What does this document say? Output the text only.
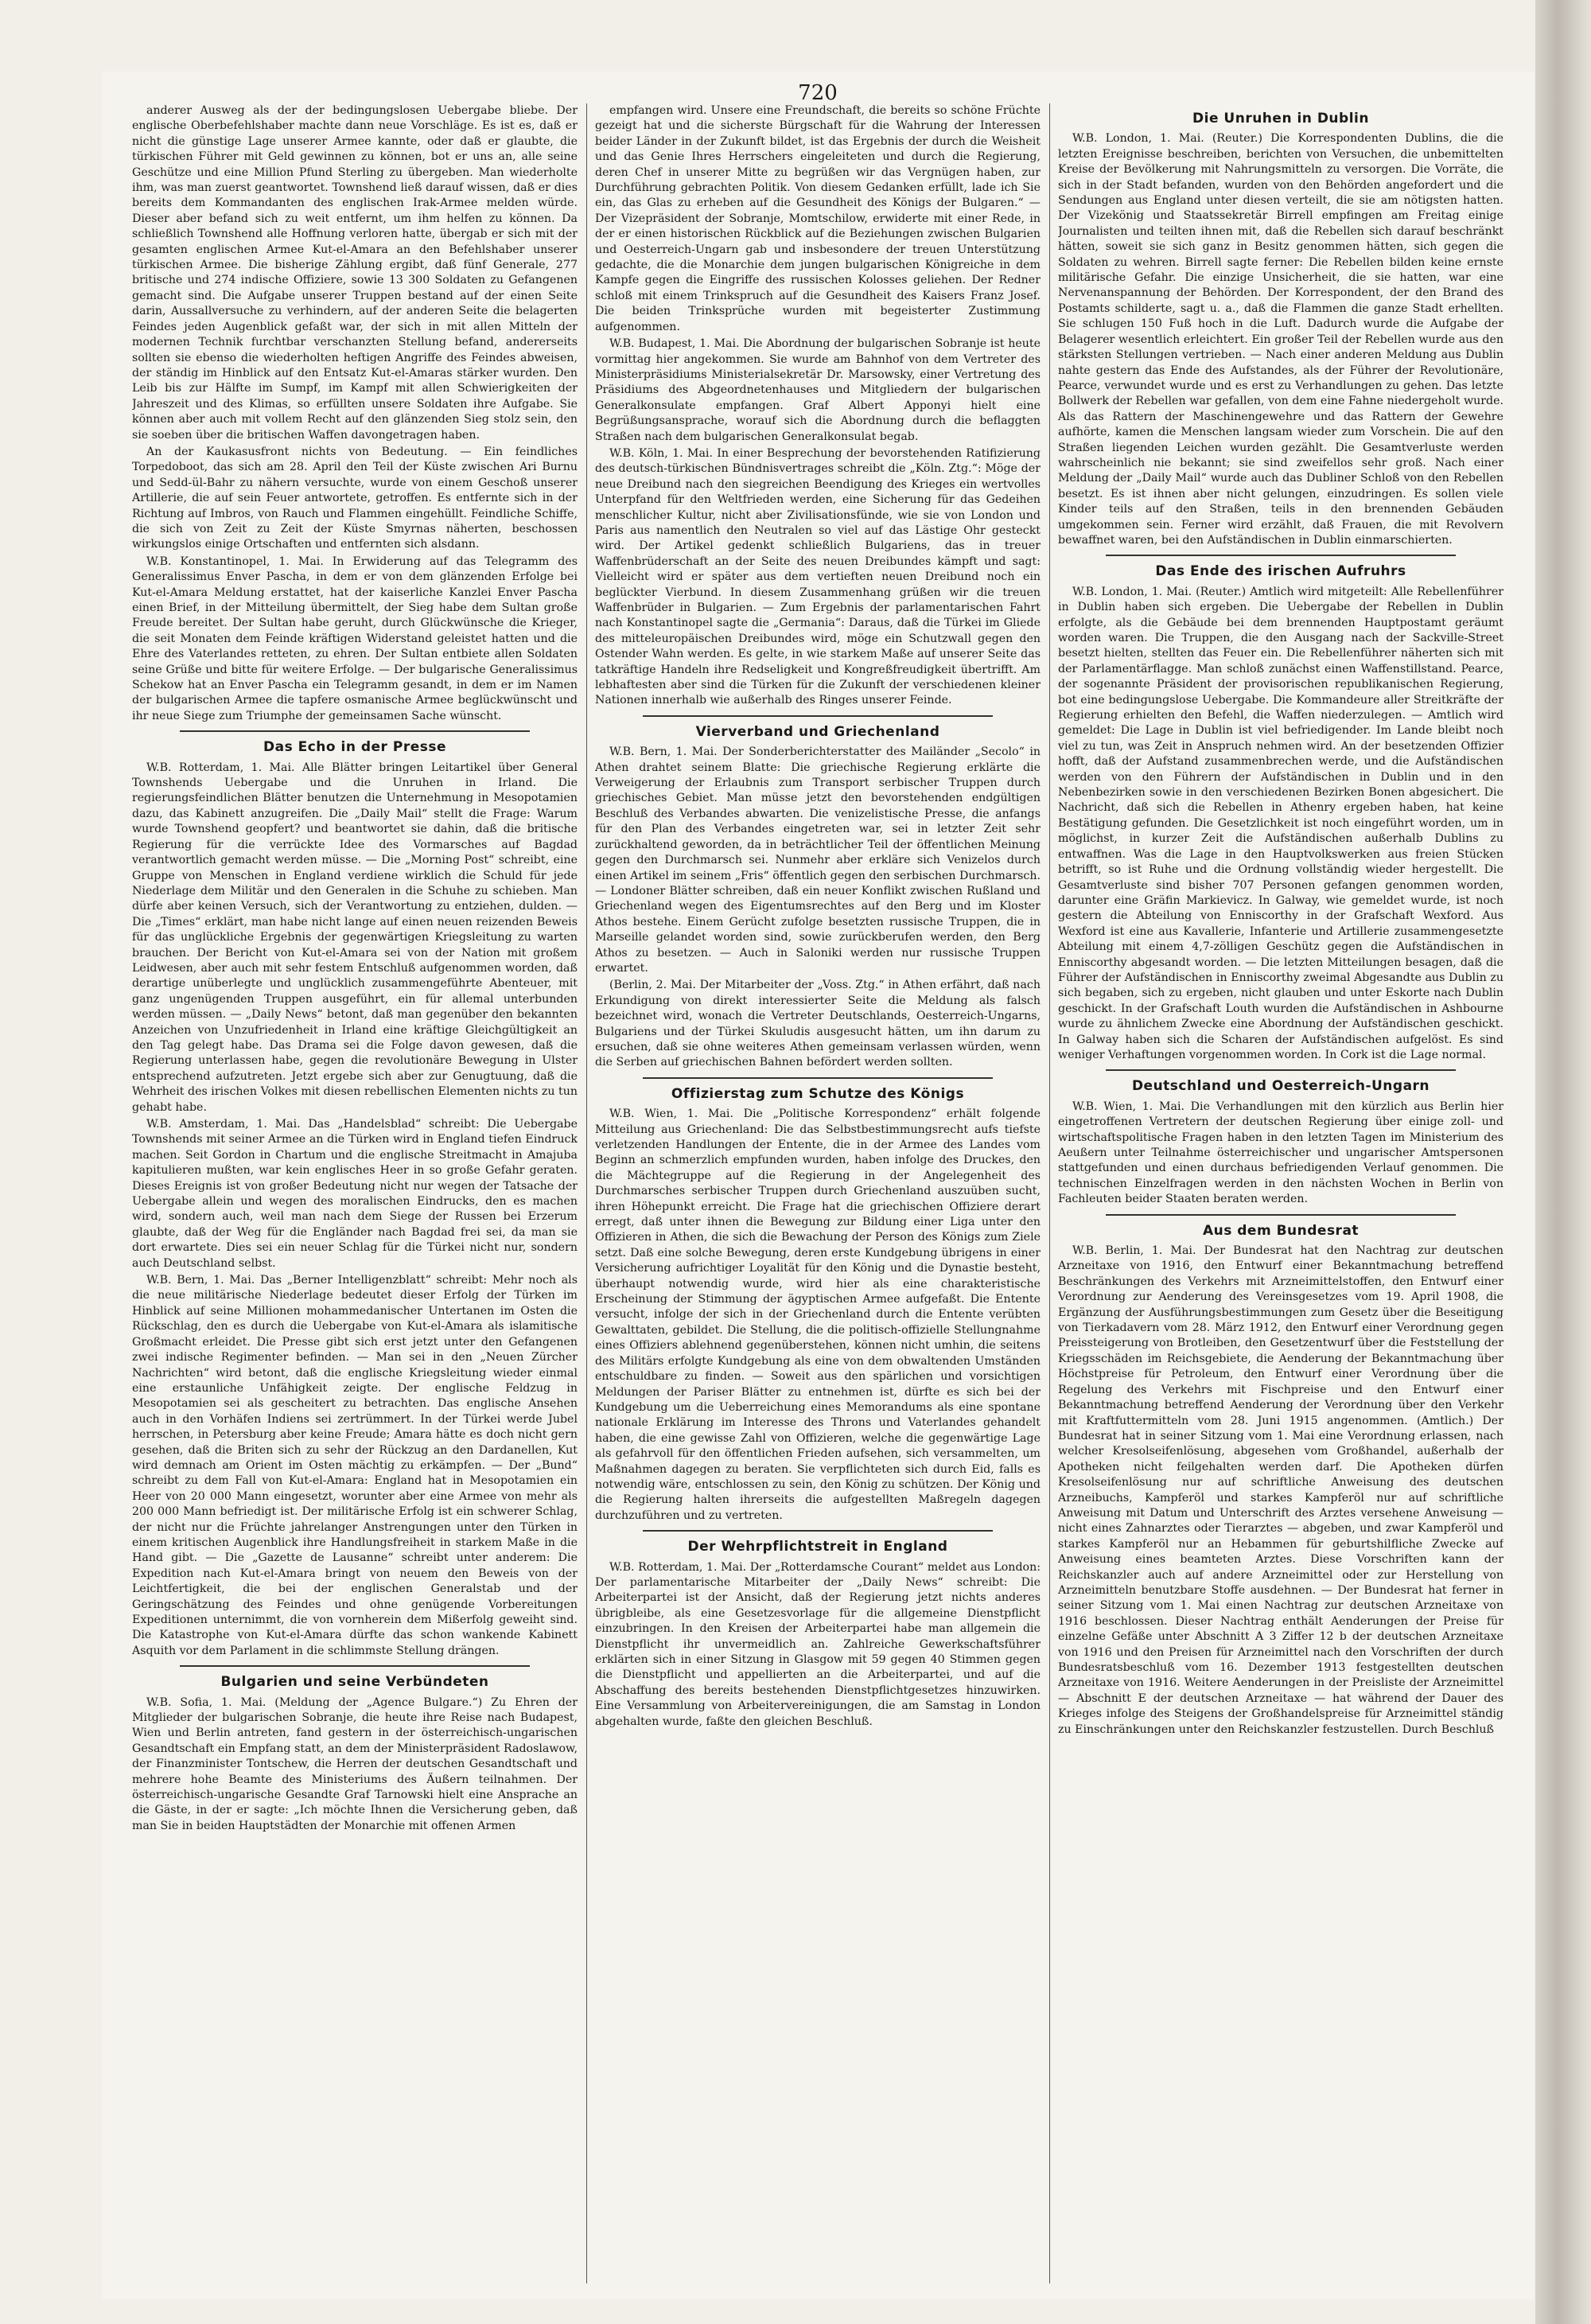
720

anderer Ausweg als der der bedingungslosen Uebergabe bliebe. Der englische Oberbefehlshaber machte dann neue Vorschläge. Es ist es, daß er nicht die günstige Lage unserer Armee kannte, oder daß er glaubte, die türkischen Führer mit Geld gewinnen zu können, bot er uns an, alle seine Geschütze und eine Million Pfund Sterling zu übergeben. Man wiederholte ihm, was man zuerst geantwortet. Townshend ließ darauf wissen, daß er dies bereits dem Kommandanten des englischen Irak-Armee melden würde. Dieser aber befand sich zu weit entfernt, um ihm helfen zu können. Da schließlich Townshend alle Hoffnung verloren hatte, übergab er sich mit der gesamten englischen Armee Kut-el-Amara an den Befehlshaber unserer türkischen Armee. Die bisherige Zählung ergibt, daß fünf Generale, 277 britische und 274 indische Offiziere, sowie 13 300 Soldaten zu Gefangenen gemacht sind. Die Aufgabe unserer Truppen bestand auf der einen Seite darin, Aussallversuche zu verhindern, auf der anderen Seite die belagerten Feindes jeden Augenblick gefaßt war, der sich in mit allen Mitteln der modernen Technik furchtbar verschanzten Stellung befand, andererseits sollten sie ebenso die wiederholten heftigen Angriffe des Feindes abweisen, der ständig im Hinblick auf den Entsatz Kut-el-Amaras stärker wurden. Den Leib bis zur Hälfte im Sumpf, im Kampf mit allen Schwierigkeiten der Jahreszeit und des Klimas, so erfüllten unsere Soldaten ihre Aufgabe. Sie können aber auch mit vollem Recht auf den glänzenden Sieg stolz sein, den sie soeben über die britischen Waffen davongetragen haben.

An der Kaukasusfront nichts von Bedeutung. — Ein feindliches Torpedoboot, das sich am 28. April den Teil der Küste zwischen Ari Burnu und Sedd-ül-Bahr zu nähern versuchte, wurde von einem Geschoß unserer Artillerie, die auf sein Feuer antwortete, getroffen. Es entfernte sich in der Richtung auf Imbros, von Rauch und Flammen eingehüllt. Feindliche Schiffe, die sich von Zeit zu Zeit der Küste Smyrnas näherten, beschossen wirkungslos einige Ortschaften und entfernten sich alsdann.

W.B. Konstantinopel, 1. Mai. In Erwiderung auf das Telegramm des Generalissimus Enver Pascha, in dem er von dem glänzenden Erfolge bei Kut-el-Amara Meldung erstattet, hat der kaiserliche Kanzlei Enver Pascha einen Brief, in der Mitteilung übermittelt, der Sieg habe dem Sultan große Freude bereitet. Der Sultan habe geruht, durch Glückwünsche die Krieger, die seit Monaten dem Feinde kräftigen Widerstand geleistet hatten und die Ehre des Vaterlandes retteten, zu ehren. Der Sultan entbiete allen Soldaten seine Grüße und bitte für weitere Erfolge. — Der bulgarische Generalissimus Schekow hat an Enver Pascha ein Telegramm gesandt, in dem er im Namen der bulgarischen Armee die tapfere osmanische Armee beglückwünscht und ihr neue Siege zum Triumphe der gemeinsamen Sache wünscht.

Das Echo in der Presse

W.B. Rotterdam, 1. Mai. Alle Blätter bringen Leitartikel über General Townshends Uebergabe und die Unruhen in Irland. Die regierungsfeindlichen Blätter benutzen die Unternehmung in Mesopotamien dazu, das Kabinett anzugreifen. Die „Daily Mail“ stellt die Frage: Warum wurde Townshend geopfert? und beantwortet sie dahin, daß die britische Regierung für die verrückte Idee des Vormarsches auf Bagdad verantwortlich gemacht werden müsse. — Die „Morning Post“ schreibt, eine Gruppe von Menschen in England verdiene wirklich die Schuld für jede Niederlage dem Militär und den Generalen in die Schuhe zu schieben. Man dürfe aber keinen Versuch, sich der Verantwortung zu entziehen, dulden. — Die „Times“ erklärt, man habe nicht lange auf einen neuen reizenden Beweis für das unglückliche Ergebnis der gegenwärtigen Kriegsleitung zu warten brauchen. Der Bericht von Kut-el-Amara sei von der Nation mit großem Leidwesen, aber auch mit sehr festem Entschluß aufgenommen worden, daß derartige unüberlegte und unglücklich zusammengeführte Abenteuer, mit ganz ungenügenden Truppen ausgeführt, ein für allemal unterbunden werden müssen. — „Daily News“ betont, daß man gegenüber den bekannten Anzeichen von Unzufriedenheit in Irland eine kräftige Gleichgültigkeit an den Tag gelegt habe. Das Drama sei die Folge davon gewesen, daß die Regierung unterlassen habe, gegen die revolutionäre Bewegung in Ulster entsprechend aufzutreten. Jetzt ergebe sich aber zur Genugtuung, daß die Wehrheit des irischen Volkes mit diesen rebellischen Elementen nichts zu tun gehabt habe.

W.B. Amsterdam, 1. Mai. Das „Handelsblad“ schreibt: Die Uebergabe Townshends mit seiner Armee an die Türken wird in England tiefen Eindruck machen. Seit Gordon in Chartum und die englische Streitmacht in Amajuba kapitulieren mußten, war kein englisches Heer in so große Gefahr geraten. Dieses Ereignis ist von großer Bedeutung nicht nur wegen der Tatsache der Uebergabe allein und wegen des moralischen Eindrucks, den es machen wird, sondern auch, weil man nach dem Siege der Russen bei Erzerum glaubte, daß der Weg für die Engländer nach Bagdad frei sei, da man sie dort erwartete. Dies sei ein neuer Schlag für die Türkei nicht nur, sondern auch Deutschland selbst.

W.B. Bern, 1. Mai. Das „Berner Intelligenzblatt“ schreibt: Mehr noch als die neue militärische Niederlage bedeutet dieser Erfolg der Türken im Hinblick auf seine Millionen mohammedanischer Untertanen im Osten die Rückschlag, den es durch die Uebergabe von Kut-el-Amara als islamitische Großmacht erleidet. Die Presse gibt sich erst jetzt unter den Gefangenen zwei indische Regimenter befinden. — Man sei in den „Neuen Zürcher Nachrichten“ wird betont, daß die englische Kriegsleitung wieder einmal eine erstaunliche Unfähigkeit zeigte. Der englische Feldzug in Mesopotamien sei als gescheitert zu betrachten. Das englische Ansehen auch in den Vorhäfen Indiens sei zertrümmert. In der Türkei werde Jubel herrschen, in Petersburg aber keine Freude; Amara hätte es doch nicht gern gesehen, daß die Briten sich zu sehr der Rückzug an den Dardanellen, Kut wird demnach am Orient im Osten mächtig zu erkämpfen. — Der „Bund“ schreibt zu dem Fall von Kut-el-Amara: England hat in Mesopotamien ein Heer von 20 000 Mann eingesetzt, worunter aber eine Armee von mehr als 200 000 Mann befriedigt ist. Der militärische Erfolg ist ein schwerer Schlag, der nicht nur die Früchte jahrelanger Anstrengungen unter den Türken in einem kritischen Augenblick ihre Handlungsfreiheit in starkem Maße in die Hand gibt. — Die „Gazette de Lausanne“ schreibt unter anderem: Die Expedition nach Kut-el-Amara bringt von neuem den Beweis von der Leichtfertigkeit, die bei der englischen Generalstab und der Geringschätzung des Feindes und ohne genügende Vorbereitungen Expeditionen unternimmt, die von vornherein dem Mißerfolg geweiht sind. Die Katastrophe von Kut-el-Amara dürfte das schon wankende Kabinett Asquith vor dem Parlament in die schlimmste Stellung drängen.

Bulgarien und seine Verbündeten

W.B. Sofia, 1. Mai. (Meldung der „Agence Bulgare.“) Zu Ehren der Mitglieder der bulgarischen Sobranje, die heute ihre Reise nach Budapest, Wien und Berlin antreten, fand gestern in der österreichisch-ungarischen Gesandtschaft ein Empfang statt, an dem der Ministerpräsident Radoslawow, der Finanzminister Tontschew, die Herren der deutschen Gesandtschaft und mehrere hohe Beamte des Ministeriums des Äußern teilnahmen. Der österreichisch-ungarische Gesandte Graf Tarnowski hielt eine Ansprache an die Gäste, in der er sagte: „Ich möchte Ihnen die Versicherung geben, daß man Sie in beiden Hauptstädten der Monarchie mit offenen Armen

empfangen wird. Unsere eine Freundschaft, die bereits so schöne Früchte gezeigt hat und die sicherste Bürgschaft für die Wahrung der Interessen beider Länder in der Zukunft bildet, ist das Ergebnis der durch die Weisheit und das Genie Ihres Herrschers eingeleiteten und durch die Regierung, deren Chef in unserer Mitte zu begrüßen wir das Vergnügen haben, zur Durchführung gebrachten Politik. Von diesem Gedanken erfüllt, lade ich Sie ein, das Glas zu erheben auf die Gesundheit des Königs der Bulgaren.“ — Der Vizepräsident der Sobranje, Momtschilow, erwiderte mit einer Rede, in der er einen historischen Rückblick auf die Beziehungen zwischen Bulgarien und Oesterreich-Ungarn gab und insbesondere der treuen Unterstützung gedachte, die die Monarchie dem jungen bulgarischen Königreiche in dem Kampfe gegen die Eingriffe des russischen Kolosses geliehen. Der Redner schloß mit einem Trinkspruch auf die Gesundheit des Kaisers Franz Josef. Die beiden Trinksprüche wurden mit begeisterter Zustimmung aufgenommen.

W.B. Budapest, 1. Mai. Die Abordnung der bulgarischen Sobranje ist heute vormittag hier angekommen. Sie wurde am Bahnhof von dem Vertreter des Ministerpräsidiums Ministerialsekretär Dr. Marsowsky, einer Vertretung des Präsidiums des Abgeordnetenhauses und Mitgliedern der bulgarischen Generalkonsulate empfangen. Graf Albert Apponyi hielt eine Begrüßungsansprache, worauf sich die Abordnung durch die beflaggten Straßen nach dem bulgarischen Generalkonsulat begab.

W.B. Köln, 1. Mai. In einer Besprechung der bevorstehenden Ratifizierung des deutsch-türkischen Bündnisvertrages schreibt die „Köln. Ztg.“: Möge der neue Dreibund nach den siegreichen Beendigung des Krieges ein wertvolles Unterpfand für den Weltfrieden werden, eine Sicherung für das Gedeihen menschlicher Kultur, nicht aber Zivilisationsfünde, wie sie von London und Paris aus namentlich den Neutralen so viel auf das Lästige Ohr gesteckt wird. Der Artikel gedenkt schließlich Bulgariens, das in treuer Waffenbrüderschaft an der Seite des neuen Dreibundes kämpft und sagt: Vielleicht wird er später aus dem vertieften neuen Dreibund noch ein beglückter Vierbund. In diesem Zusammenhang grüßen wir die treuen Waffenbrüder in Bulgarien. — Zum Ergebnis der parlamentarischen Fahrt nach Konstantinopel sagte die „Germania“: Daraus, daß die Türkei im Gliede des mitteleuropäischen Dreibundes wird, möge ein Schutzwall gegen den Ostender Wahn werden. Es gelte, in wie starkem Maße auf unserer Seite das tatkräftige Handeln ihre Redseligkeit und Kongreßfreudigkeit übertrifft. Am lebhaftesten aber sind die Türken für die Zukunft der verschiedenen kleiner Nationen innerhalb wie außerhalb des Ringes unserer Feinde.

Vierverband und Griechenland

W.B. Bern, 1. Mai. Der Sonderberichterstatter des Mailänder „Secolo“ in Athen drahtet seinem Blatte: Die griechische Regierung erklärte die Verweigerung der Erlaubnis zum Transport serbischer Truppen durch griechisches Gebiet. Man müsse jetzt den bevorstehenden endgültigen Beschluß des Verbandes abwarten. Die venizelistische Presse, die anfangs für den Plan des Verbandes eingetreten war, sei in letzter Zeit sehr zurückhaltend geworden, da in beträchtlicher Teil der öffentlichen Meinung gegen den Durchmarsch sei. Nunmehr aber erkläre sich Venizelos durch einen Artikel im seinem „Fris“ öffentlich gegen den serbischen Durchmarsch. — Londoner Blätter schreiben, daß ein neuer Konflikt zwischen Rußland und Griechenland wegen des Eigentumsrechtes auf den Berg und im Kloster Athos bestehe. Einem Gerücht zufolge besetzten russische Truppen, die in Marseille gelandet worden sind, sowie zurückberufen werden, den Berg Athos zu besetzen. — Auch in Saloniki werden nur russische Truppen erwartet.

(Berlin, 2. Mai. Der Mitarbeiter der „Voss. Ztg.“ in Athen erfährt, daß nach Erkundigung von direkt interessierter Seite die Meldung als falsch bezeichnet wird, wonach die Vertreter Deutschlands, Oesterreich-Ungarns, Bulgariens und der Türkei Skuludis ausgesucht hätten, um ihn darum zu ersuchen, daß sie ohne weiteres Athen gemeinsam verlassen würden, wenn die Serben auf griechischen Bahnen befördert werden sollten.

Offizierstag zum Schutze des Königs

W.B. Wien, 1. Mai. Die „Politische Korrespondenz“ erhält folgende Mitteilung aus Griechenland: Die das Selbstbestimmungsrecht aufs tiefste verletzenden Handlungen der Entente, die in der Armee des Landes vom Beginn an schmerzlich empfunden wurden, haben infolge des Druckes, den die Mächtegruppe auf die Regierung in der Angelegenheit des Durchmarsches serbischer Truppen durch Griechenland auszuüben sucht, ihren Höhepunkt erreicht. Die Frage hat die griechischen Offiziere derart erregt, daß unter ihnen die Bewegung zur Bildung einer Liga unter den Offizieren in Athen, die sich die Bewachung der Person des Königs zum Ziele setzt. Daß eine solche Bewegung, deren erste Kundgebung übrigens in einer Versicherung aufrichtiger Loyalität für den König und die Dynastie besteht, überhaupt notwendig wurde, wird hier als eine charakteristische Erscheinung der Stimmung der ägyptischen Armee aufgefaßt. Die Entente versucht, infolge der sich in der Griechenland durch die Entente verübten Gewalttaten, gebildet. Die Stellung, die die politisch-offizielle Stellungnahme eines Offiziers ablehnend gegenüberstehen, können nicht umhin, die seitens des Militärs erfolgte Kundgebung als eine von dem obwaltenden Umständen entschuldbare zu finden. — Soweit aus den spärlichen und vorsichtigen Meldungen der Pariser Blätter zu entnehmen ist, dürfte es sich bei der Kundgebung um die Ueberreichung eines Memorandums als eine spontane nationale Erklärung im Interesse des Throns und Vaterlandes gehandelt haben, die eine gewisse Zahl von Offizieren, welche die gegenwärtige Lage als gefahrvoll für den öffentlichen Frieden aufsehen, sich versammelten, um Maßnahmen dagegen zu beraten. Sie verpflichteten sich durch Eid, falls es notwendig wäre, entschlossen zu sein, den König zu schützen. Der König und die Regierung halten ihrerseits die aufgestellten Maßregeln dagegen durchzuführen und zu vertreten.

Der Wehrpflichtstreit in England

W.B. Rotterdam, 1. Mai. Der „Rotterdamsche Courant“ meldet aus London: Der parlamentarische Mitarbeiter der „Daily News“ schreibt: Die Arbeiterpartei ist der Ansicht, daß der Regierung jetzt nichts anderes übrigbleibe, als eine Gesetzesvorlage für die allgemeine Dienstpflicht einzubringen. In den Kreisen der Arbeiterpartei habe man allgemein die Dienstpflicht ihr unvermeidlich an. Zahlreiche Gewerkschaftsführer erklärten sich in einer Sitzung in Glasgow mit 59 gegen 40 Stimmen gegen die Dienstpflicht und appellierten an die Arbeiterpartei, und auf die Abschaffung des bereits bestehenden Dienstpflichtgesetzes hinzuwirken. Eine Versammlung von Arbeitervereinigungen, die am Samstag in London abgehalten wurde, faßte den gleichen Beschluß.

Die Unruhen in Dublin

W.B. London, 1. Mai. (Reuter.) Die Korrespondenten Dublins, die die letzten Ereignisse beschreiben, berichten von Versuchen, die unbemittelten Kreise der Bevölkerung mit Nahrungsmitteln zu versorgen. Die Vorräte, die sich in der Stadt befanden, wurden von den Behörden angefordert und die Sendungen aus England unter diesen verteilt, die sie am nötigsten hatten. Der Vizekönig und Staatssekretär Birrell empfingen am Freitag einige Journalisten und teilten ihnen mit, daß die Rebellen sich darauf beschränkt hätten, soweit sie sich ganz in Besitz genommen hätten, sich gegen die Soldaten zu wehren. Birrell sagte ferner: Die Rebellen bilden keine ernste militärische Gefahr. Die einzige Unsicherheit, die sie hatten, war eine Nervenanspannung der Behörden. Der Korrespondent, der den Brand des Postamts schilderte, sagt u. a., daß die Flammen die ganze Stadt erhellten. Sie schlugen 150 Fuß hoch in die Luft. Dadurch wurde die Aufgabe der Belagerer wesentlich erleichtert. Ein großer Teil der Rebellen wurde aus den stärksten Stellungen vertrieben. — Nach einer anderen Meldung aus Dublin nahte gestern das Ende des Aufstandes, als der Führer der Revolutionäre, Pearce, verwundet wurde und es erst zu Verhandlungen zu gehen. Das letzte Bollwerk der Rebellen war gefallen, von dem eine Fahne niedergeholt wurde. Als das Rattern der Maschinengewehre und das Rattern der Gewehre aufhörte, kamen die Menschen langsam wieder zum Vorschein. Die auf den Straßen liegenden Leichen wurden gezählt. Die Gesamtverluste werden wahrscheinlich nie bekannt; sie sind zweifellos sehr groß. Nach einer Meldung der „Daily Mail“ wurde auch das Dubliner Schloß von den Rebellen besetzt. Es ist ihnen aber nicht gelungen, einzudringen. Es sollen viele Kinder teils auf den Straßen, teils in den brennenden Gebäuden umgekommen sein. Ferner wird erzählt, daß Frauen, die mit Revolvern bewaffnet waren, bei den Aufständischen in Dublin einmarschierten.

Das Ende des irischen Aufruhrs

W.B. London, 1. Mai. (Reuter.) Amtlich wird mitgeteilt: Alle Rebellenführer in Dublin haben sich ergeben. Die Uebergabe der Rebellen in Dublin erfolgte, als die Gebäude bei dem brennenden Hauptpostamt geräumt worden waren. Die Truppen, die den Ausgang nach der Sackville-Street besetzt hielten, stellten das Feuer ein. Die Rebellenführer näherten sich mit der Parlamentärflagge. Man schloß zunächst einen Waffenstillstand. Pearce, der sogenannte Präsident der provisorischen republikanischen Regierung, bot eine bedingungslose Uebergabe. Die Kommandeure aller Streitkräfte der Regierung erhielten den Befehl, die Waffen niederzulegen. — Amtlich wird gemeldet: Die Lage in Dublin ist viel befriedigender. Im Lande bleibt noch viel zu tun, was Zeit in Anspruch nehmen wird. An der besetzenden Offizier hofft, daß der Aufstand zusammenbrechen werde, und die Aufständischen werden von den Führern der Aufständischen in Dublin und in den Nebenbezirken sowie in den verschiedenen Bezirken Bonen abgesichert. Die Nachricht, daß sich die Rebellen in Athenry ergeben haben, hat keine Bestätigung gefunden. Die Gesetzlichkeit ist noch eingeführt worden, um in möglichst, in kurzer Zeit die Aufständischen außerhalb Dublins zu entwaffnen. Was die Lage in den Hauptvolkswerken aus freien Stücken betrifft, so ist Ruhe und die Ordnung vollständig wieder hergestellt. Die Gesamtverluste sind bisher 707 Personen gefangen genommen worden, darunter eine Gräfin Markievicz. In Galway, wie gemeldet wurde, ist noch gestern die Abteilung von Enniscorthy in der Grafschaft Wexford. Aus Wexford ist eine aus Kavallerie, Infanterie und Artillerie zusammengesetzte Abteilung mit einem 4,7-zölligen Geschütz gegen die Aufständischen in Enniscorthy abgesandt worden. — Die letzten Mitteilungen besagen, daß die Führer der Aufständischen in Enniscorthy zweimal Abgesandte aus Dublin zu sich begaben, sich zu ergeben, nicht glauben und unter Eskorte nach Dublin geschickt. In der Grafschaft Louth wurden die Aufständischen in Ashbourne wurde zu ähnlichem Zwecke eine Abordnung der Aufständischen geschickt. In Galway haben sich die Scharen der Aufständischen aufgelöst. Es sind weniger Verhaftungen vorgenommen worden. In Cork ist die Lage normal.

Deutschland und Oesterreich-Ungarn

W.B. Wien, 1. Mai. Die Verhandlungen mit den kürzlich aus Berlin hier eingetroffenen Vertretern der deutschen Regierung über einige zoll- und wirtschaftspolitische Fragen haben in den letzten Tagen im Ministerium des Aeußern unter Teilnahme österreichischer und ungarischer Amtspersonen stattgefunden und einen durchaus befriedigenden Verlauf genommen. Die technischen Einzelfragen werden in den nächsten Wochen in Berlin von Fachleuten beider Staaten beraten werden.

Aus dem Bundesrat

W.B. Berlin, 1. Mai. Der Bundesrat hat den Nachtrag zur deutschen Arzneitaxe von 1916, den Entwurf einer Bekanntmachung betreffend Beschränkungen des Verkehrs mit Arzneimittelstoffen, den Entwurf einer Verordnung zur Aenderung des Vereinsgesetzes vom 19. April 1908, die Ergänzung der Ausführungsbestimmungen zum Gesetz über die Beseitigung von Tierkadavern vom 28. März 1912, den Entwurf einer Verordnung gegen Preissteigerung von Brotleiben, den Gesetzentwurf über die Feststellung der Kriegsschäden im Reichsgebiete, die Aenderung der Bekanntmachung über Höchstpreise für Petroleum, den Entwurf einer Verordnung über die Regelung des Verkehrs mit Fischpreise und den Entwurf einer Bekanntmachung betreffend Aenderung der Verordnung über den Verkehr mit Kraftfuttermitteln vom 28. Juni 1915 angenommen. (Amtlich.) Der Bundesrat hat in seiner Sitzung vom 1. Mai eine Verordnung erlassen, nach welcher Kresolseifenlösung, abgesehen vom Großhandel, außerhalb der Apotheken nicht feilgehalten werden darf. Die Apotheken dürfen Kresolseifenlösung nur auf schriftliche Anweisung des deutschen Arzneibuchs, Kampferöl und starkes Kampferöl nur auf schriftliche Anweisung mit Datum und Unterschrift des Arztes versehene Anweisung — nicht eines Zahnarztes oder Tierarztes — abgeben, und zwar Kampferöl und starkes Kampferöl nur an Hebammen für geburtshilfliche Zwecke auf Anweisung eines beamteten Arztes. Diese Vorschriften kann der Reichskanzler auch auf andere Arzneimittel oder zur Herstellung von Arzneimitteln benutzbare Stoffe ausdehnen. — Der Bundesrat hat ferner in seiner Sitzung vom 1. Mai einen Nachtrag zur deutschen Arzneitaxe von 1916 beschlossen. Dieser Nachtrag enthält Aenderungen der Preise für einzelne Gefäße unter Abschnitt A 3 Ziffer 12 b der deutschen Arzneitaxe von 1916 und den Preisen für Arzneimittel nach den Vorschriften der durch Bundesratsbeschluß vom 16. Dezember 1913 festgestellten deutschen Arzneitaxe von 1916. Weitere Aenderungen in der Preisliste der Arzneimittel — Abschnitt E der deutschen Arzneitaxe — hat während der Dauer des Krieges infolge des Steigens der Großhandelspreise für Arzneimittel ständig zu Einschränkungen unter den Reichskanzler festzustellen. Durch Beschluß
